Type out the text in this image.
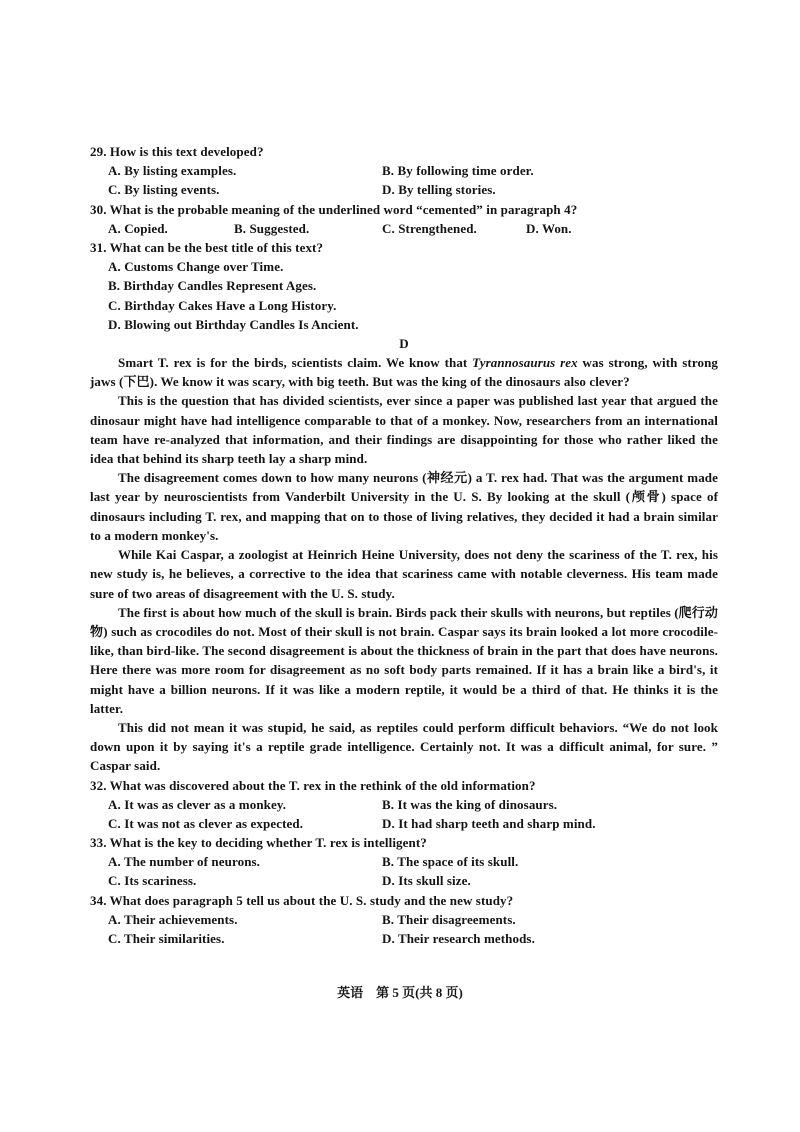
29. How is this text developed?
A. By listing examples.	B. By following time order.
C. By listing events.	D. By telling stories.
30. What is the probable meaning of the underlined word “cemented” in paragraph 4?
A. Copied.	B. Suggested.	C. Strengthened.	D. Won.
31. What can be the best title of this text?
A. Customs Change over Time.
B. Birthday Candles Represent Ages.
C. Birthday Cakes Have a Long History.
D. Blowing out Birthday Candles Is Ancient.
D

Smart T. rex is for the birds, scientists claim. We know that Tyrannosaurus rex was strong, with strong jaws (下巴). We know it was scary, with big teeth. But was the king of the dinosaurs also clever?

This is the question that has divided scientists, ever since a paper was published last year that argued the dinosaur might have had intelligence comparable to that of a monkey. Now, researchers from an international team have re-analyzed that information, and their findings are disappointing for those who rather liked the idea that behind its sharp teeth lay a sharp mind.

The disagreement comes down to how many neurons (神经元) a T. rex had. That was the argument made last year by neuroscientists from Vanderbilt University in the U. S. By looking at the skull (颅骨) space of dinosaurs including T. rex, and mapping that on to those of living relatives, they decided it had a brain similar to a modern monkey's.

While Kai Caspar, a zoologist at Heinrich Heine University, does not deny the scariness of the T. rex, his new study is, he believes, a corrective to the idea that scariness came with notable cleverness. His team made sure of two areas of disagreement with the U. S. study.

The first is about how much of the skull is brain. Birds pack their skulls with neurons, but reptiles (爬行动物) such as crocodiles do not. Most of their skull is not brain. Caspar says its brain looked a lot more crocodile-like, than bird-like. The second disagreement is about the thickness of brain in the part that does have neurons. Here there was more room for disagreement as no soft body parts remained. If it has a brain like a bird's, it might have a billion neurons. If it was like a modern reptile, it would be a third of that. He thinks it is the latter.

This did not mean it was stupid, he said, as reptiles could perform difficult behaviors. “We do not look down upon it by saying it's a reptile grade intelligence. Certainly not. It was a difficult animal, for sure. ” Caspar said.

32. What was discovered about the T. rex in the rethink of the old information?
A. It was as clever as a monkey.	B. It was the king of dinosaurs.
C. It was not as clever as expected.	D. It had sharp teeth and sharp mind.
33. What is the key to deciding whether T. rex is intelligent?
A. The number of neurons.	B. The space of its skull.
C. Its scariness.	D. Its skull size.
34. What does paragraph 5 tell us about the U. S. study and the new study?
A. Their achievements.	B. Their disagreements.
C. Their similarities.	D. Their research methods.
英语　第 5 页(共 8 页)
